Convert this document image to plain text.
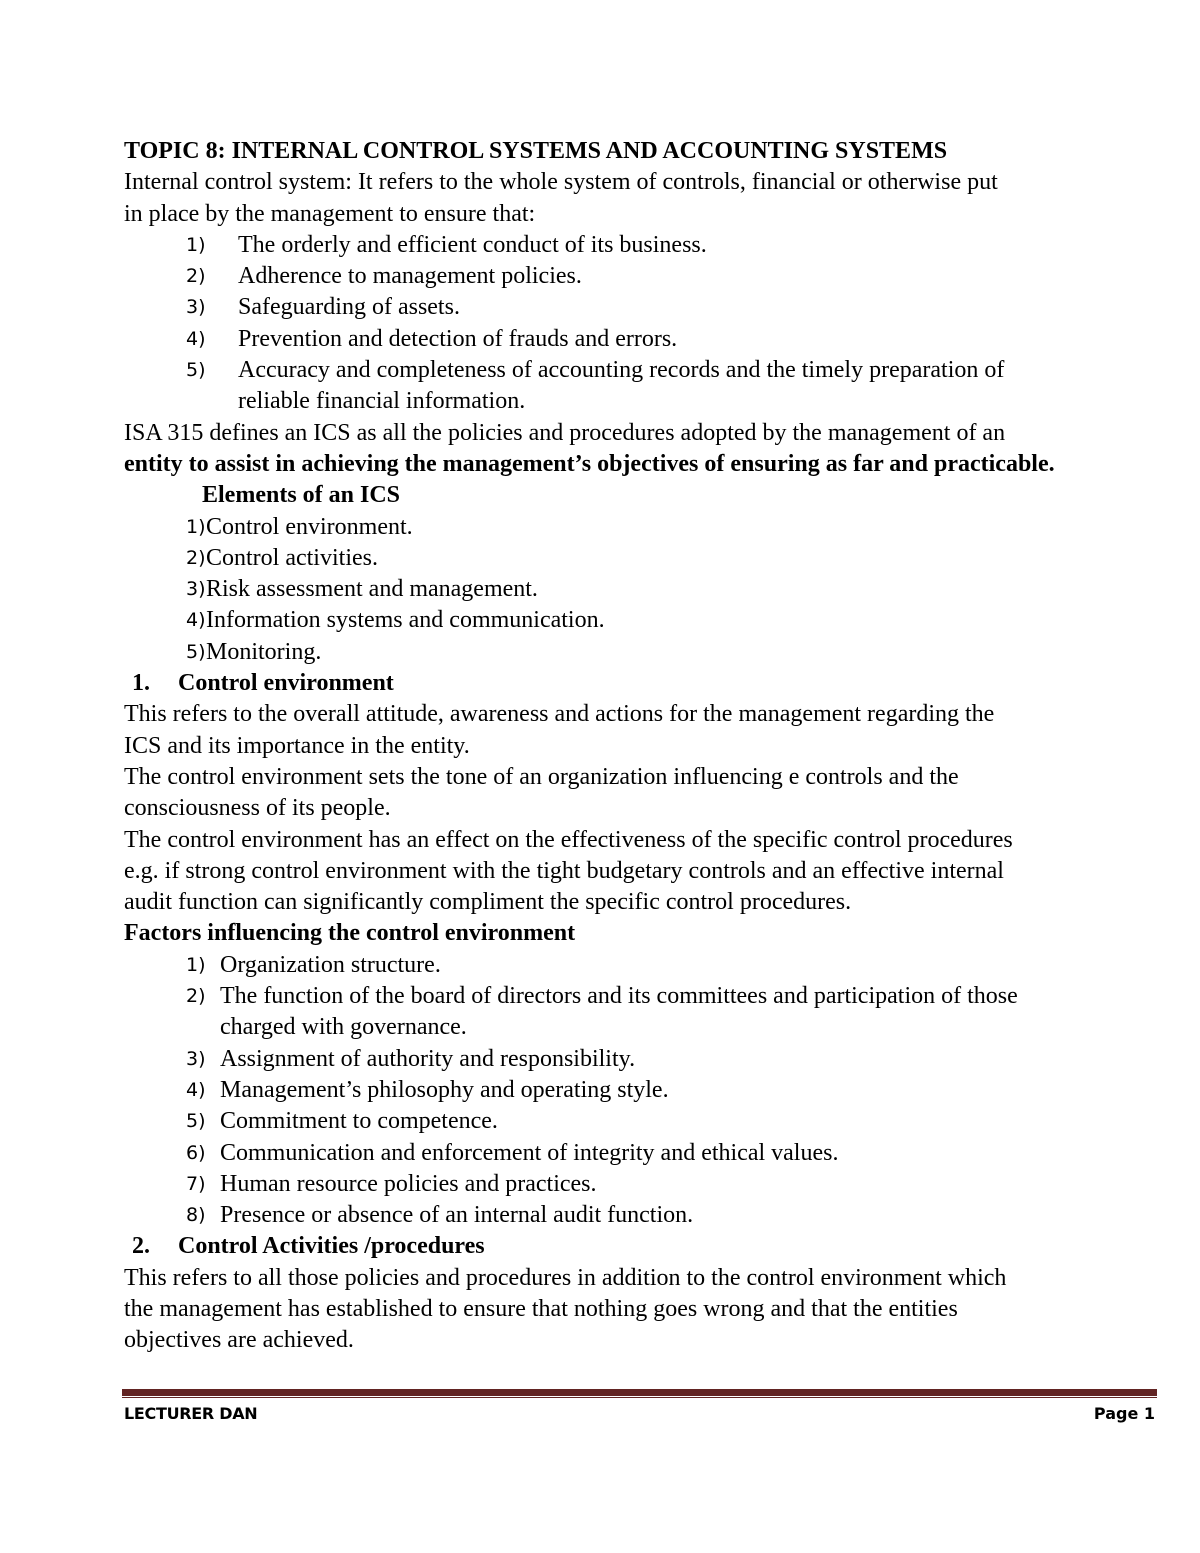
TOPIC 8: INTERNAL CONTROL SYSTEMS AND ACCOUNTING SYSTEMS
Internal control system: It refers to the whole system of controls, financial or otherwise put
in place by the management to ensure that:
1)	The orderly and efficient conduct of its business.
2)	Adherence to management policies.
3)	Safeguarding of assets.
4)	Prevention and detection of frauds and errors.
5)	Accuracy and completeness of accounting records and the timely preparation of
reliable financial information.
ISA 315 defines an ICS as all the policies and procedures adopted by the management of an
entity to assist in achieving the management’s objectives of ensuring as far and practicable.
Elements of an ICS
1) Control environment.
2) Control activities.
3) Risk assessment and management.
4) Information systems and communication.
5) Monitoring.
1. Control environment
This refers to the overall attitude, awareness and actions for the management regarding the
ICS and its importance in the entity.
The control environment sets the tone of an organization influencing e controls and the
consciousness of its people.
The control environment has an effect on the effectiveness of the specific control procedures
e.g. if strong control environment with the tight budgetary controls and an effective internal
audit function can significantly compliment the specific control procedures.
Factors influencing the control environment
1) Organization structure.
2) The function of the board of directors and its committees and participation of those
charged with governance.
3) Assignment of authority and responsibility.
4) Management’s philosophy and operating style.
5) Commitment to competence.
6) Communication and enforcement of integrity and ethical values.
7) Human resource policies and practices.
8) Presence or absence of an internal audit function.
2. Control Activities /procedures
This refers to all those policies and procedures in addition to the control environment which
the management has established to ensure that nothing goes wrong and that the entities
objectives are achieved.
LECTURER DAN	Page 1
